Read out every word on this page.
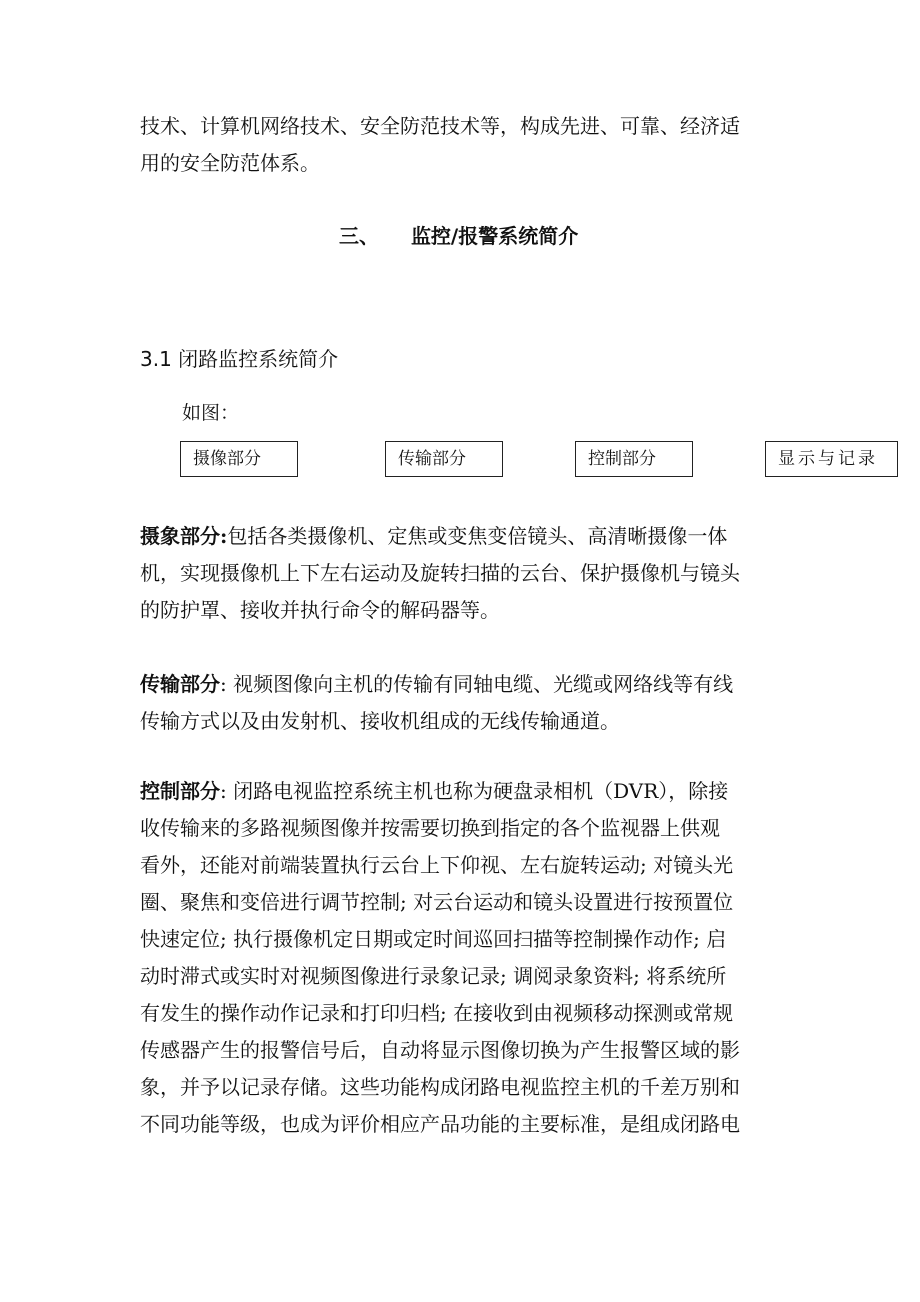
技术、计算机网络技术、安全防范技术等，构成先进、可靠、经济适
用的安全防范体系。
三、 监控/报警系统简介
3.1 闭路监控系统简介
如图：
摄像部分	传输部分	控制部分	显示与记录
摄象部分:包括各类摄像机、定焦或变焦变倍镜头、高清晰摄像一体
机，实现摄像机上下左右运动及旋转扫描的云台、保护摄像机与镜头
的防护罩、接收并执行命令的解码器等。
传输部分: 视频图像向主机的传输有同轴电缆、光缆或网络线等有线
传输方式以及由发射机、接收机组成的无线传输通道。
控制部分: 闭路电视监控系统主机也称为硬盘录相机（DVR），除接
收传输来的多路视频图像并按需要切换到指定的各个监视器上供观
看外，还能对前端装置执行云台上下仰视、左右旋转运动; 对镜头光
圈、聚焦和变倍进行调节控制; 对云台运动和镜头设置进行按预置位
快速定位; 执行摄像机定日期或定时间巡回扫描等控制操作动作; 启
动时滞式或实时对视频图像进行录象记录; 调阅录象资料; 将系统所
有发生的操作动作记录和打印归档; 在接收到由视频移动探测或常规
传感器产生的报警信号后，自动将显示图像切换为产生报警区域的影
象，并予以记录存储。这些功能构成闭路电视监控主机的千差万别和
不同功能等级，也成为评价相应产品功能的主要标准，是组成闭路电
